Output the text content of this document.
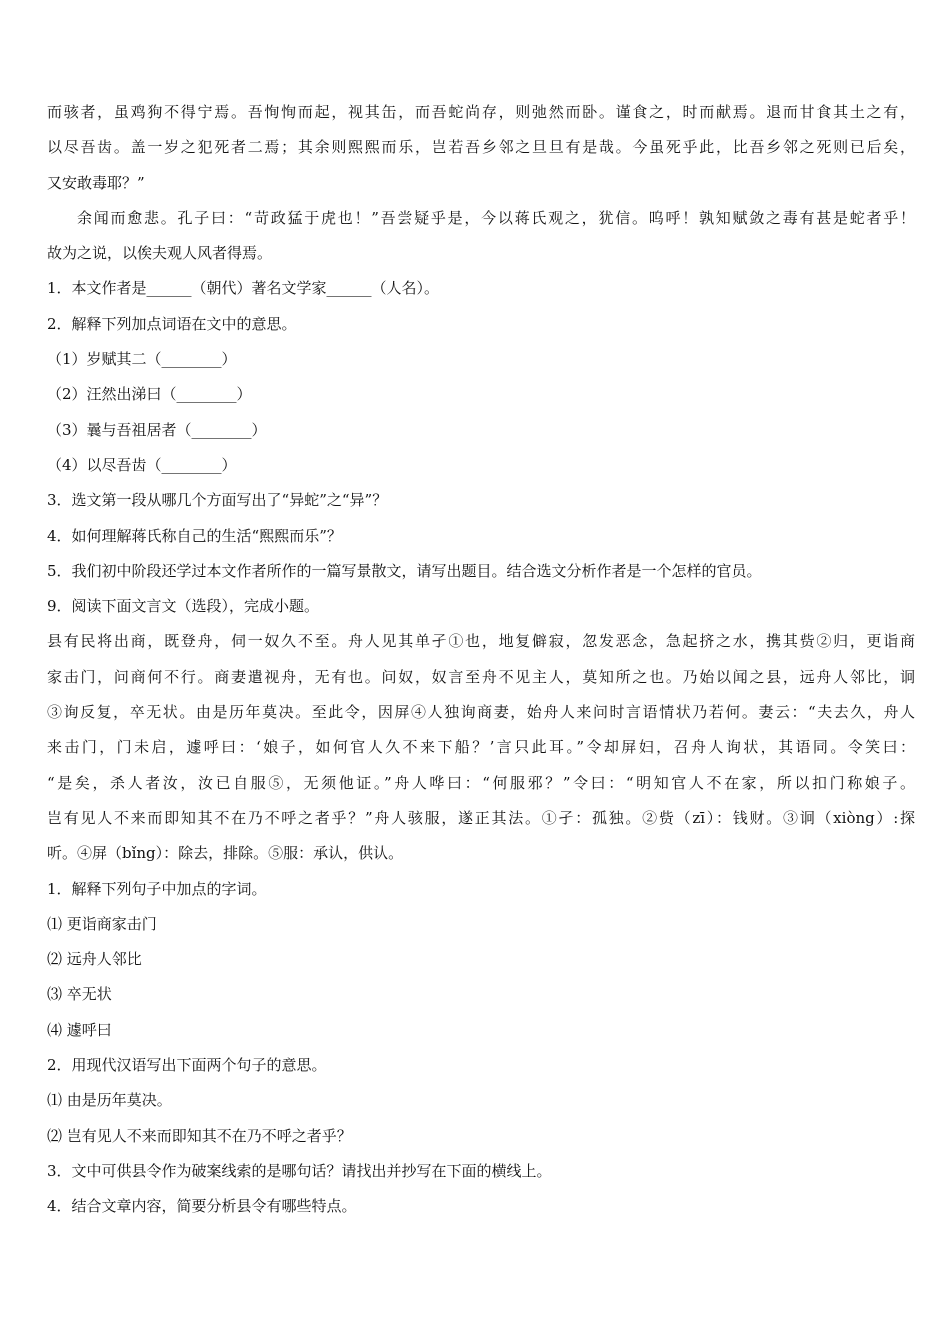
而骇者，虽鸡狗不得宁焉。吾恂恂而起，视其缶，而吾蛇尚存，则弛然而卧。谨食之，时而献焉。退而甘食其土之有，
以尽吾齿。盖一岁之犯死者二焉；其余则熙熙而乐，岂若吾乡邻之旦旦有是哉。今虽死乎此，比吾乡邻之死则已后矣，
又安敢毒耶？”
余闻而愈悲。孔子曰：“苛政猛于虎也！”吾尝疑乎是，今以蒋氏观之，犹信。呜呼！孰知赋敛之毒有甚是蛇者乎！
故为之说，以俟夫观人风者得焉。
1．本文作者是______（朝代）著名文学家______（人名）。
2．解释下列加点词语在文中的意思。
（1）岁赋其二（________）
（2）汪然出涕曰（________）
（3）曩与吾祖居者（________）
（4）以尽吾齿（________）
3．选文第一段从哪几个方面写出了“异蛇”之“异”？
4．如何理解蒋氏称自己的生活“熙熙而乐”？
5．我们初中阶段还学过本文作者所作的一篇写景散文，请写出题目。结合选文分析作者是一个怎样的官员。
9．阅读下面文言文（选段），完成小题。
县有民将出商，既登舟，伺一奴久不至。舟人见其单孑①也，地复僻寂，忽发恶念，急起挤之水，携其赀②归，更诣商
家击门，问商何不行。商妻遣视舟，无有也。问奴，奴言至舟不见主人，莫知所之也。乃始以闻之县，远舟人邻比，诇
③询反复，卒无状。由是历年莫决。至此令，因屏④人独询商妻，始舟人来问时言语情状乃若何。妻云：“夫去久，舟人
来击门，门未启，遽呼曰：‘娘子，如何官人久不来下船？’言只此耳。”令却屏妇，召舟人询状，其语同。令笑曰：
“是矣，杀人者汝，汝已自服⑤，无须他证。”舟人哗曰：“何服邪？”令曰：“明知官人不在家，所以扣门称娘子。
岂有见人不来而即知其不在乃不呼之者乎？”舟人骇服，遂正其法。①孑：孤独。②赀（zī）：钱财。③诇（xiòng）:探
听。④屏（bǐng）：除去，排除。⑤服：承认，供认。
1．解释下列句子中加点的字词。
⑴ 更诣商家击门
⑵ 远舟人邻比
⑶ 卒无状
⑷ 遽呼曰
2．用现代汉语写出下面两个句子的意思。
⑴ 由是历年莫决。
⑵ 岂有见人不来而即知其不在乃不呼之者乎？
3．文中可供县令作为破案线索的是哪句话？请找出并抄写在下面的横线上。
4．结合文章内容，简要分析县令有哪些特点。
